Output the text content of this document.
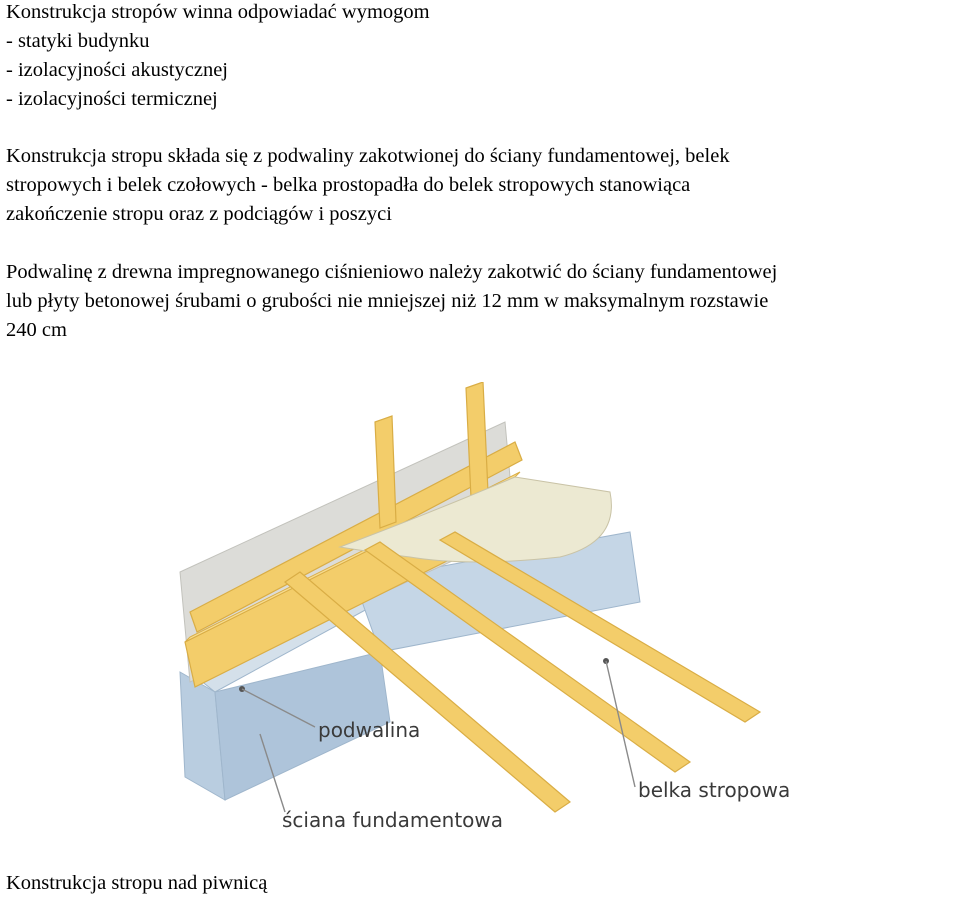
Konstrukcja stropów winna odpowiadać wymogom
- statyki budynku
- izolacyjności akustycznej
- izolacyjności termicznej
Konstrukcja stropu składa się z podwaliny zakotwionej do ściany fundamentowej, belek
stropowych i belek czołowych - belka prostopadła do belek stropowych stanowiąca
zakończenie stropu oraz z podciągów i poszyci
Podwalinę z drewna impregnowanego ciśnieniowo należy zakotwić do ściany fundamentowej
lub płyty betonowej śrubami o grubości nie mniejszej niż 12 mm w maksymalnym rozstawie
240 cm
podwalina
belka stropowa
ściana fundamentowa

Konstrukcja stropu nad piwnicą
